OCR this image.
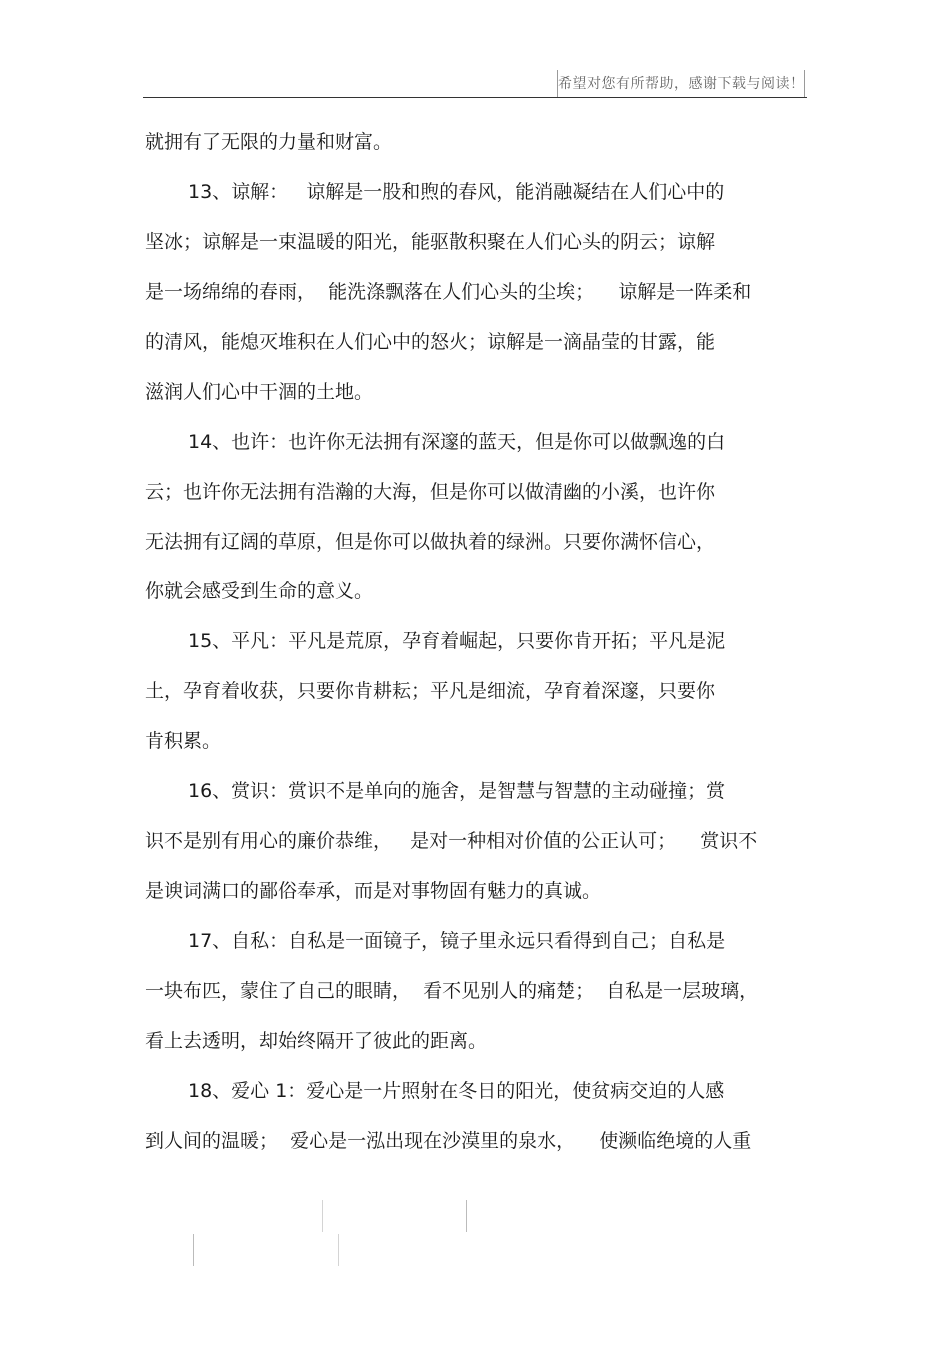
希望对您有所帮助，感谢下载与阅读！
就拥有了无限的力量和财富。
13、谅解：   谅解是一股和煦的春风，能消融凝结在人们心中的
坚冰；谅解是一束温暖的阳光，能驱散积聚在人们心头的阴云；谅解
是一场绵绵的春雨，  能洗涤飘落在人们心头的尘埃；    谅解是一阵柔和
的清风，能熄灭堆积在人们心中的怒火；谅解是一滴晶莹的甘露，能
滋润人们心中干涸的土地。
14、也许：也许你无法拥有深邃的蓝天，但是你可以做飘逸的白
云；也许你无法拥有浩瀚的大海，但是你可以做清幽的小溪，也许你
无法拥有辽阔的草原，但是你可以做执着的绿洲。只要你满怀信心，
你就会感受到生命的意义。
15、平凡：平凡是荒原，孕育着崛起，只要你肯开拓；平凡是泥
土，孕育着收获，只要你肯耕耘；平凡是细流，孕育着深邃，只要你
肯积累。
16、赏识：赏识不是单向的施舍，是智慧与智慧的主动碰撞；赏
识不是别有用心的廉价恭维，   是对一种相对价值的公正认可；    赏识不
是谀词满口的鄙俗奉承，而是对事物固有魅力的真诚。
17、自私：自私是一面镜子，镜子里永远只看得到自己；自私是
一块布匹，蒙住了自己的眼睛，  看不见别人的痛楚；  自私是一层玻璃，
看上去透明，却始终隔开了彼此的距离。
18、爱心 1：爱心是一片照射在冬日的阳光，使贫病交迫的人感
到人间的温暖；  爱心是一泓出现在沙漠里的泉水，    使濒临绝境的人重
